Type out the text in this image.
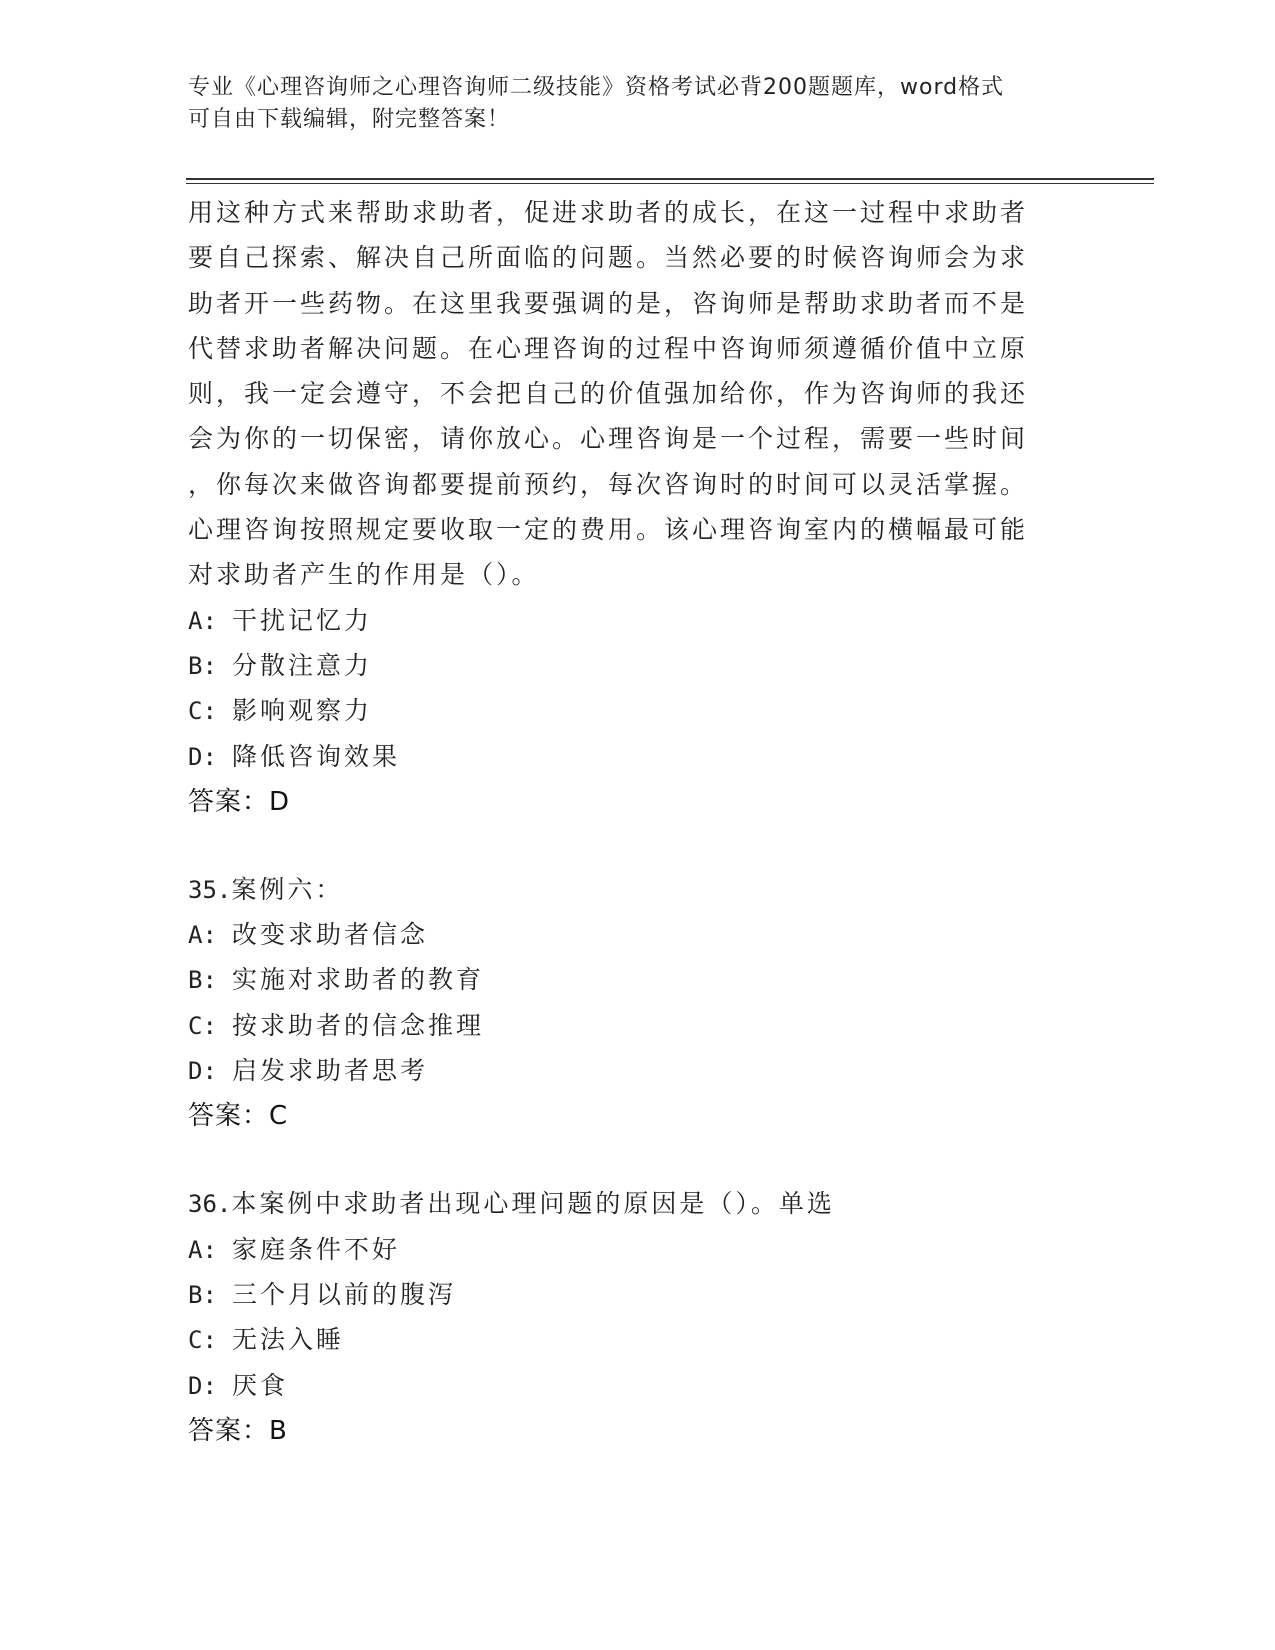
专业《心理咨询师之心理咨询师二级技能》资格考试必背200题题库，word格式
可自由下载编辑，附完整答案！
用这种方式来帮助求助者，促进求助者的成长，在这一过程中求助者
要自己探索、解决自己所面临的问题。当然必要的时候咨询师会为求
助者开一些药物。在这里我要强调的是，咨询师是帮助求助者而不是
代替求助者解决问题。在心理咨询的过程中咨询师须遵循价值中立原
则，我一定会遵守，不会把自己的价值强加给你，作为咨询师的我还
会为你的一切保密，请你放心。心理咨询是一个过程，需要一些时间
，你每次来做咨询都要提前预约，每次咨询时的时间可以灵活掌握。
心理咨询按照规定要收取一定的费用。该心理咨询室内的横幅最可能
对求助者产生的作用是（）。
A: 干扰记忆力
B: 分散注意力
C: 影响观察力
D: 降低咨询效果
答案：D
35.案例六：
A: 改变求助者信念
B: 实施对求助者的教育
C: 按求助者的信念推理
D: 启发求助者思考
答案：C
36.本案例中求助者出现心理问题的原因是（）。单选
A: 家庭条件不好
B: 三个月以前的腹泻
C: 无法入睡
D: 厌食
答案：B
